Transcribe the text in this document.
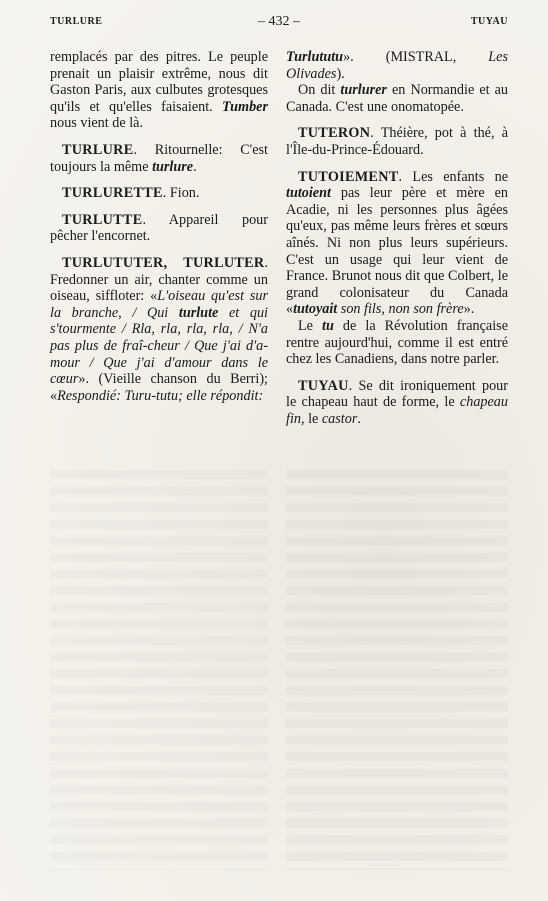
TURLURE	– 432 –	TUYAU

remplacés par des pitres. Le peuple prenait un plaisir extrême, nous dit Gaston Paris, aux culbutes grotesques qu'ils et qu'elles faisaient. Tumber nous vient de là.

TURLURE. Ritournelle: C'est toujours la même turlure.

TURLURETTE. Fion.

TURLUTTE. Appareil pour pêcher l'encornet.

TURLUTUTER, TURLUTER. Fredonner un air, chanter comme un oiseau, siffloter: «L'oiseau qu'est sur la branche, / Qui turlute et qui s'tourmente / Rla, rla, rla, rla, / N'a pas plus de fraî-cheur / Que j'ai d'a-mour / Que j'ai d'amour dans le cœur». (Vieille chanson du Berri); «Respondié: Turu-tutu; elle répondit:

Turlututu». (MISTRAL, Les Olivades).

On dit turlurer en Normandie et au Canada. C'est une onomatopée.

TUTERON. Théière, pot à thé, à l'Île-du-Prince-Édouard.

TUTOIEMENT. Les enfants ne tutoient pas leur père et mère en Acadie, ni les personnes plus âgées qu'eux, pas même leurs frères et sœurs aînés. Ni non plus leurs supérieurs. C'est un usage qui leur vient de France. Brunot nous dit que Colbert, le grand colonisateur du Canada «tutoyait son fils, non son frère».

Le tu de la Révolution française rentre aujourd'hui, comme il est entré chez les Canadiens, dans notre parler.

TUYAU. Se dit ironiquement pour le chapeau haut de forme, le chapeau fin, le castor.
